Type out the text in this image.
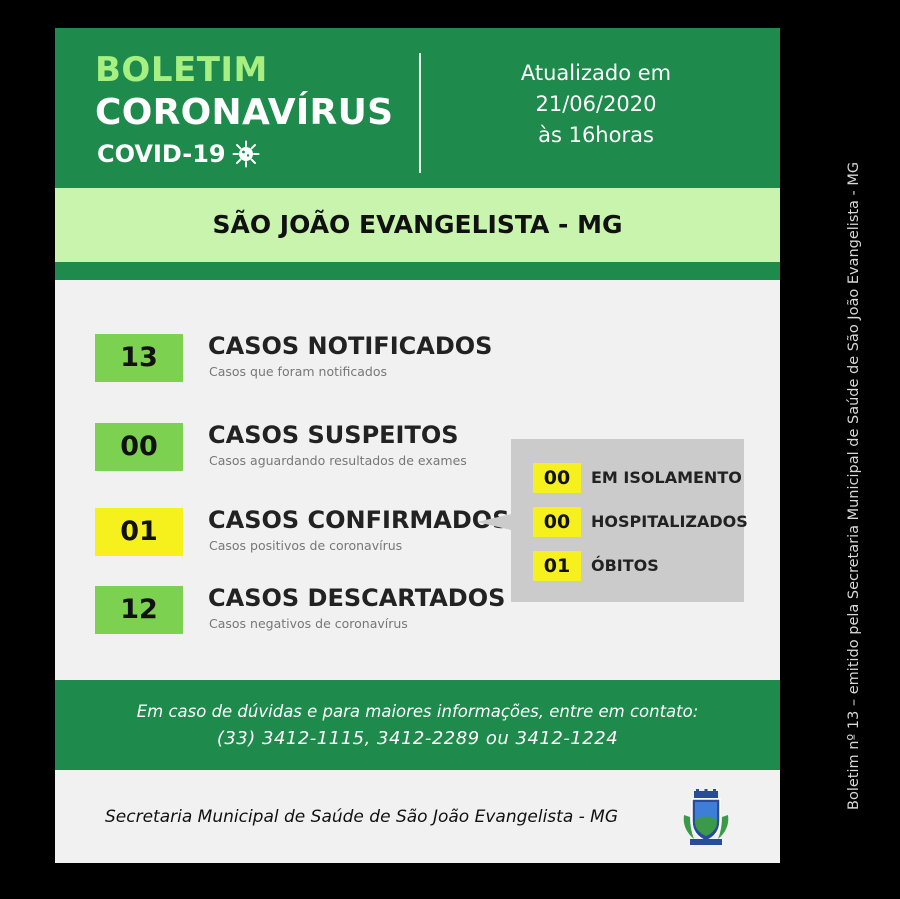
BOLETIM
CORONAVÍRUS
COVID-19
Atualizado em
21/06/2020
às 16horas
SÃO JOÃO EVANGELISTA - MG
13	CASOS NOTIFICADOS
Casos que foram notificados
00	CASOS SUSPEITOS
Casos aguardando resultados de exames
01	CASOS CONFIRMADOS
Casos positivos de coronavírus
12	CASOS DESCARTADOS
Casos negativos de coronavírus
00	EM ISOLAMENTO
00	HOSPITALIZADOS
01	ÓBITOS
Em caso de dúvidas e para maiores informações, entre em contato:
(33) 3412-1115, 3412-2289 ou 3412-1224
Secretaria Municipal de Saúde de São João Evangelista - MG
Boletim nº 13 – emitido pela Secretaria Municipal de Saúde de São João Evangelista - MG
